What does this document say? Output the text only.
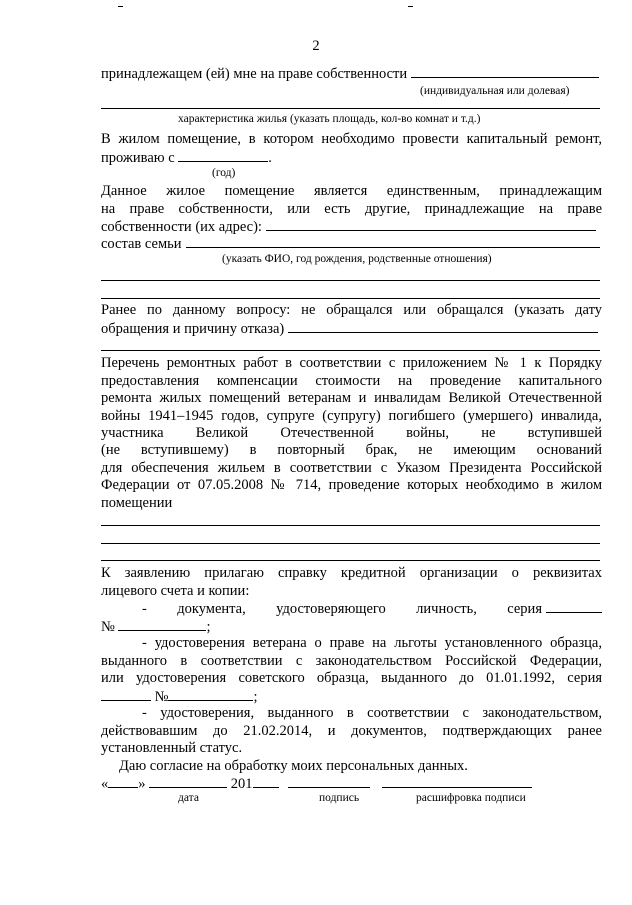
2
принадлежащем (ей) мне на праве собственности
(индивидуальная или долевая)
характеристика жилья (указать площадь, кол-во комнат и т.д.)
В жилом помещение, в котором необходимо провести капитальный ремонт,
проживаю с	.
(год)
Данное жилое помещение является единственным, принадлежащим
на праве собственности, или есть другие, принадлежащие на праве
собственности (их адрес):
состав семьи
(указать ФИО, год рождения, родственные отношения)
Ранее по данному вопросу: не обращался или обращался (указать дату
обращения и причину отказа)
Перечень ремонтных работ в соответствии с приложением № 1 к Порядку
предоставления компенсации стоимости на проведение капитального
ремонта жилых помещений ветеранам и инвалидам Великой Отечественной
войны 1941–1945 годов, супруге (супругу) погибшего (умершего) инвалида,
участника Великой Отечественной войны, не вступившей
(не вступившему) в повторный брак, не имеющим оснований
для обеспечения жильем в соответствии с Указом Президента Российской
Федерации от 07.05.2008 № 714, проведение которых необходимо в жилом
помещении
К заявлению прилагаю справку кредитной организации о реквизитах
лицевого счета и копии:
- документа, удостоверяющего личность, серия
№	;
- удостоверения ветерана о праве на льготы установленного образца,
выданного в соответствии с законодательством Российской Федерации,
или удостоверения советского образца, выданного до 01.01.1992, серия
№	;
- удостоверения, выданного в соответствии с законодательством,
действовавшим до 21.02.2014, и документов, подтверждающих ранее
установленный статус.
Даю согласие на обработку моих персональных данных.
« »	201
дата	подпись	расшифровка подписи
